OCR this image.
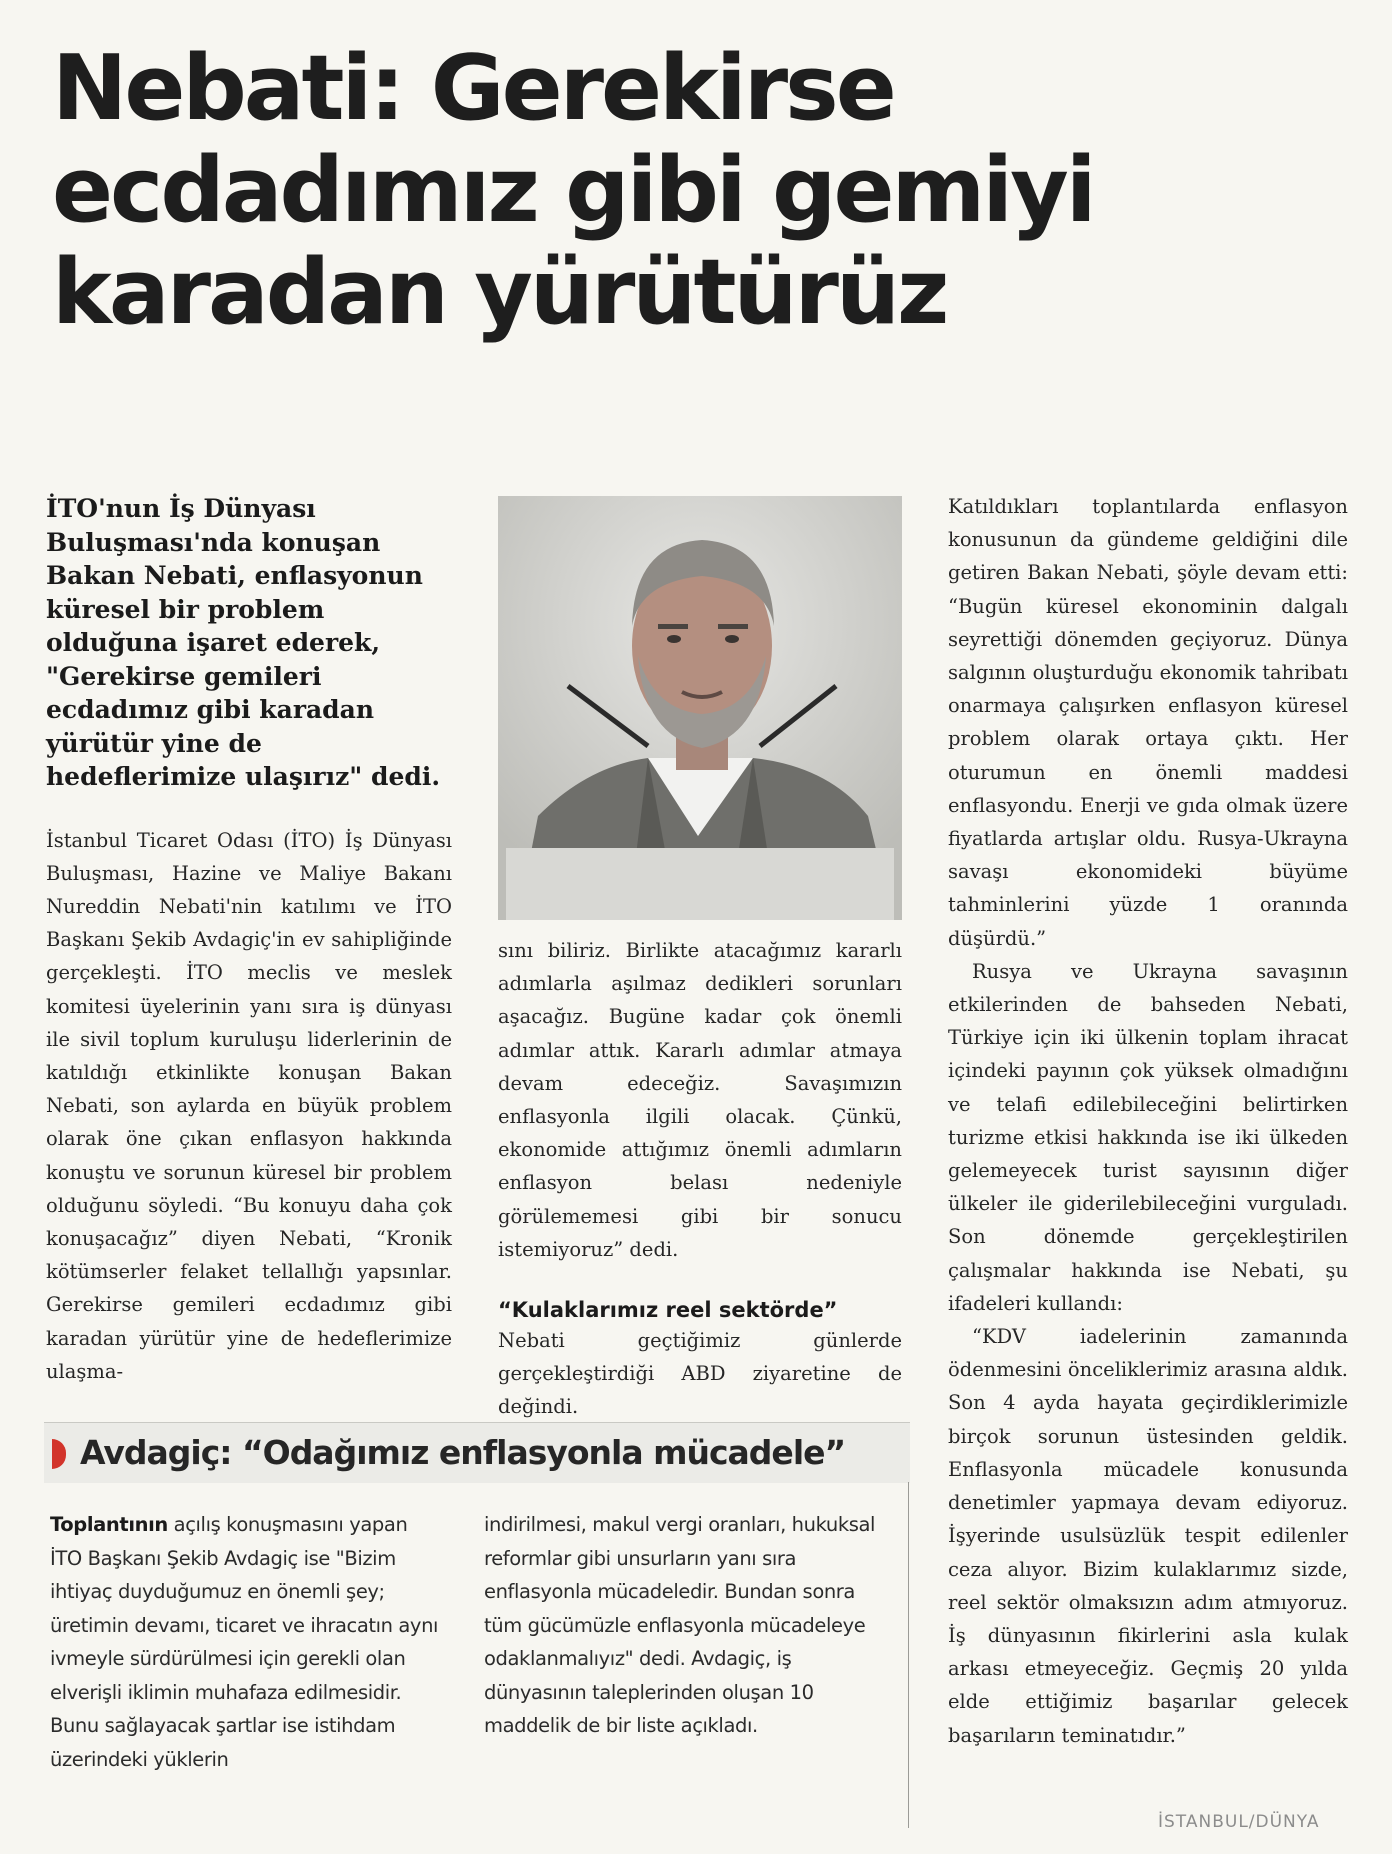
Nebati: Gerekirse ecdadımız gibi gemiyi karadan yürütürüz

İTO'nun İş Dünyası Buluşması'nda konuşan Bakan Nebati, enflasyonun küresel bir problem olduğuna işaret ederek, "Gerekirse gemileri ecdadımız gibi karadan yürütür yine de hedeflerimize ulaşırız" dedi.

İstanbul Ticaret Odası (İTO) İş Dünyası Buluşması, Hazine ve Maliye Bakanı Nureddin Nebati'nin katılımı ve İTO Başkanı Şekib Avdagiç'in ev sahipliğinde gerçekleşti. İTO meclis ve meslek komitesi üyelerinin yanı sıra iş dünyası ile sivil toplum kuruluşu liderlerinin de katıldığı etkinlikte konuşan Bakan Nebati, son aylarda en büyük problem olarak öne çıkan enflasyon hakkında konuştu ve sorunun küresel bir problem olduğunu söyledi. “Bu konuyu daha çok konuşacağız” diyen Nebati, “Kronik kötümserler felaket tellallığı yapsınlar. Gerekirse gemileri ecdadımız gibi karadan yürütür yine de hedeflerimize ulaşma-

sını biliriz. Birlikte atacağımız kararlı adımlarla aşılmaz dedikleri sorunları aşacağız. Bugüne kadar çok önemli adımlar attık. Kararlı adımlar atmaya devam edeceğiz. Savaşımızın enflasyonla ilgili olacak. Çünkü, ekonomide attığımız önemli adımların enflasyon belası nedeniyle görülememesi gibi bir sonucu istemiyoruz” dedi.

“Kulaklarımız reel sektörde”

Nebati geçtiğimiz günlerde gerçekleştirdiği ABD ziyaretine de değindi.

Katıldıkları toplantılarda enflasyon konusunun da gündeme geldiğini dile getiren Bakan Nebati, şöyle devam etti: “Bugün küresel ekonominin dalgalı seyrettiği dönemden geçiyoruz. Dünya salgının oluşturduğu ekonomik tahribatı onarmaya çalışırken enflasyon küresel problem olarak ortaya çıktı. Her oturumun en önemli maddesi enflasyondu. Enerji ve gıda olmak üzere fiyatlarda artışlar oldu. Rusya-Ukrayna savaşı ekonomideki büyüme tahminlerini yüzde 1 oranında düşürdü.”

Rusya ve Ukrayna savaşının etkilerinden de bahseden Nebati, Türkiye için iki ülkenin toplam ihracat içindeki payının çok yüksek olmadığını ve telafi edilebileceğini belirtirken turizme etkisi hakkında ise iki ülkeden gelemeyecek turist sayısının diğer ülkeler ile giderilebileceğini vurguladı. Son dönemde gerçekleştirilen çalışmalar hakkında ise Nebati, şu ifadeleri kullandı:

“KDV iadelerinin zamanında ödenmesini önceliklerimiz arasına aldık. Son 4 ayda hayata geçirdiklerimizle birçok sorunun üstesinden geldik. Enflasyonla mücadele konusunda denetimler yapmaya devam ediyoruz. İşyerinde usulsüzlük tespit edilenler ceza alıyor. Bizim kulaklarımız sizde, reel sektör olmaksızın adım atmıyoruz. İş dünyasının fikirlerini asla kulak arkası etmeyeceğiz. Geçmiş 20 yılda elde ettiğimiz başarılar gelecek başarıların teminatıdır.”

Avdagiç: “Odağımız enflasyonla mücadele”

Toplantının açılış konuşmasını yapan İTO Başkanı Şekib Avdagiç ise "Bizim ihtiyaç duyduğumuz en önemli şey; üretimin devamı, ticaret ve ihracatın aynı ivmeyle sürdürülmesi için gerekli olan elverişli iklimin muhafaza edilmesidir. Bunu sağlayacak şartlar ise istihdam üzerindeki yüklerin

indirilmesi, makul vergi oranları, hukuksal reformlar gibi unsurların yanı sıra enflasyonla mücadeledir. Bundan sonra tüm gücümüzle enflasyonla mücadeleye odaklanmalıyız" dedi. Avdagiç, iş dünyasının taleplerinden oluşan 10 maddelik de bir liste açıkladı.

İSTANBUL/DÜNYA
